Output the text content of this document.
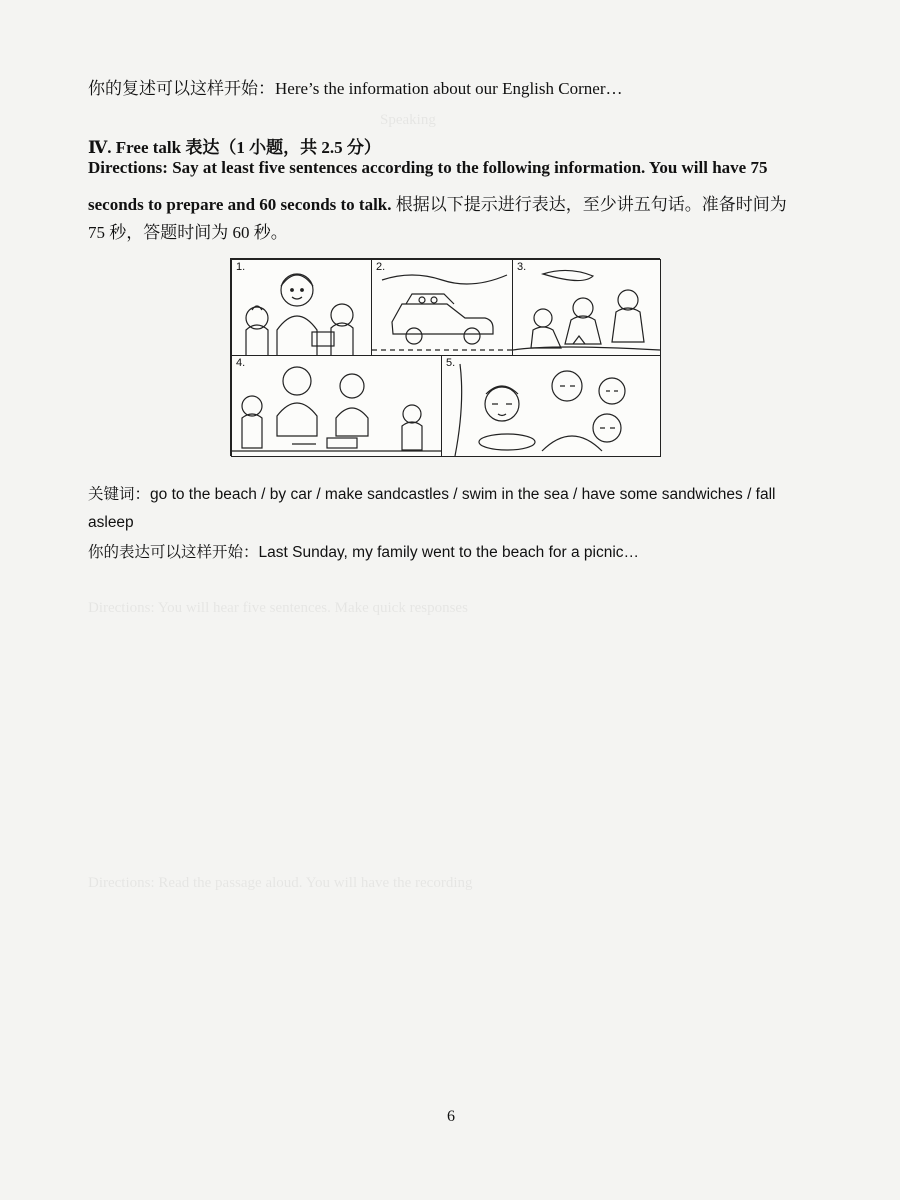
Speaking
Directions: You will hear five sentences. Make quick responses
Directions: Read the passage aloud. You will have the recording
你的复述可以这样开始：Here’s the information about our English Corner…
Ⅳ. Free talk 表达（1 小题，共 2.5 分）
Directions: Say at least five sentences according to the following information. You will have 75
seconds to prepare and 60 seconds to talk. 根据以下提示进行表达，至少讲五句话。准备时间为
75 秒，答题时间为 60 秒。
1.	2.	3.
4.	5.
关键词：go to the beach / by car / make sandcastles / swim in the sea / have some sandwiches / fall
asleep
你的表达可以这样开始：Last Sunday, my family went to the beach for a picnic…
6
